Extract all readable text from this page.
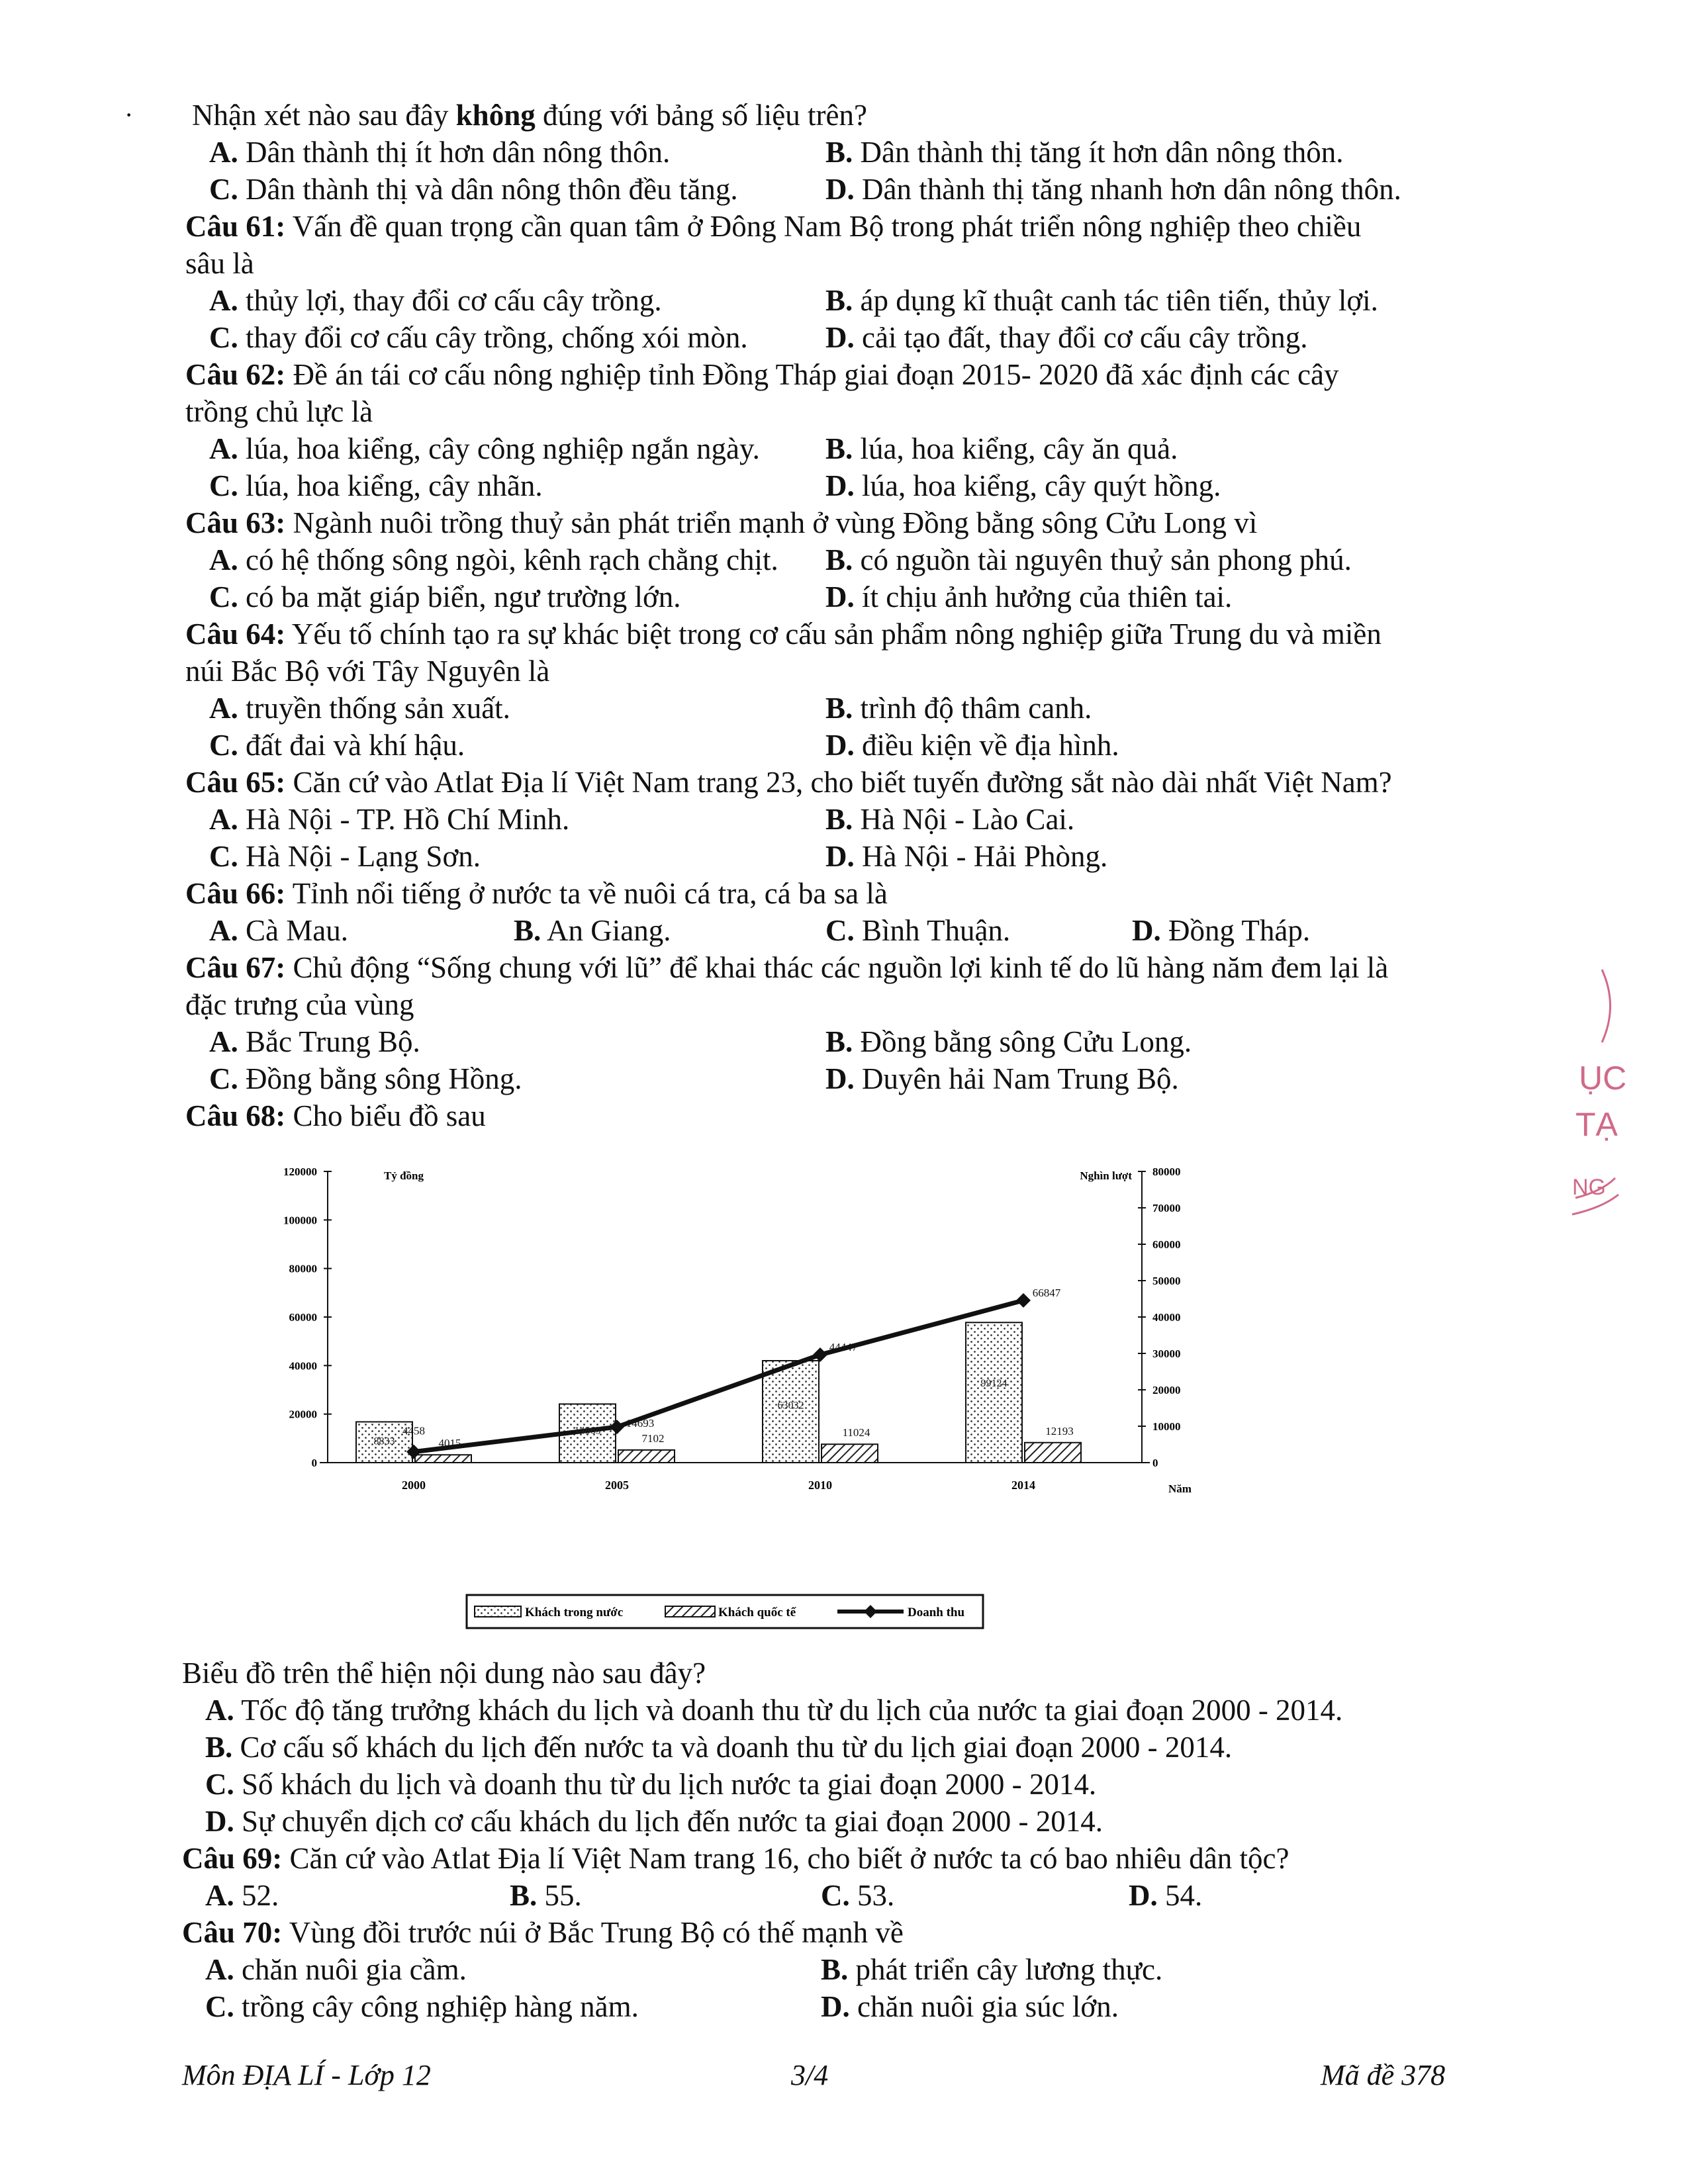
· Nhận xét nào sau đây không đúng với bảng số liệu trên?
A. Dân thành thị ít hơn dân nông thôn.	B. Dân thành thị tăng ít hơn dân nông thôn.
C. Dân thành thị và dân nông thôn đều tăng.	D. Dân thành thị tăng nhanh hơn dân nông thôn.
Câu 61: Vấn đề quan trọng cần quan tâm ở Đông Nam Bộ trong phát triển nông nghiệp theo chiều
sâu là
A. thủy lợi, thay đổi cơ cấu cây trồng.	B. áp dụng kĩ thuật canh tác tiên tiến, thủy lợi.
C. thay đổi cơ cấu cây trồng, chống xói mòn.	D. cải tạo đất, thay đổi cơ cấu cây trồng.
Câu 62: Đề án tái cơ cấu nông nghiệp tỉnh Đồng Tháp giai đoạn 2015- 2020 đã xác định các cây
trồng chủ lực là
A. lúa, hoa kiểng, cây công nghiệp ngắn ngày. B. lúa, hoa kiểng, cây ăn quả.
C. lúa, hoa kiểng, cây nhãn.	D. lúa, hoa kiểng, cây quýt hồng.
Câu 63: Ngành nuôi trồng thuỷ sản phát triển mạnh ở vùng Đồng bằng sông Cửu Long vì
A. có hệ thống sông ngòi, kênh rạch chằng chịt. B. có nguồn tài nguyên thuỷ sản phong phú.
C. có ba mặt giáp biển, ngư trường lớn.	D. ít chịu ảnh hưởng của thiên tai.
Câu 64: Yếu tố chính tạo ra sự khác biệt trong cơ cấu sản phẩm nông nghiệp giữa Trung du và miền
núi Bắc Bộ với Tây Nguyên là
A. truyền thống sản xuất.	B. trình độ thâm canh.
C. đất đai và khí hậu.	D. điều kiện về địa hình.
Câu 65: Căn cứ vào Atlat Địa lí Việt Nam trang 23, cho biết tuyến đường sắt nào dài nhất Việt Nam?
A. Hà Nội - TP. Hồ Chí Minh.	B. Hà Nội - Lào Cai.
C. Hà Nội - Lạng Sơn.	D. Hà Nội - Hải Phòng.
Câu 66: Tỉnh nổi tiếng ở nước ta về nuôi cá tra, cá ba sa là
A. Cà Mau.	B. An Giang.	C. Bình Thuận.	D. Đồng Tháp.
Câu 67: Chủ động “Sống chung với lũ” để khai thác các nguồn lợi kinh tế do lũ hàng năm đem lại là
đặc trưng của vùng
A. Bắc Trung Bộ.	B. Đồng bằng sông Cửu Long.
C. Đồng bằng sông Hồng.	D. Duyên hải Nam Trung Bộ.
Câu 68: Cho biểu đồ sau
0
20000
40000
60000
80000
100000
120000
0
10000
20000
30000
40000
50000
60000
70000
80000
Tỷ đồng	Nghìn lượt
Năm
2000
8833	4015
2005
14865
7102
2010
63032
11024
2014
99124
12193
4458
14693
44447
66847
Khách trong nước	Khách quốc tế	Doanh thu
Biểu đồ trên thể hiện nội dung nào sau đây?
A. Tốc độ tăng trưởng khách du lịch và doanh thu từ du lịch của nước ta giai đoạn 2000 - 2014.
B. Cơ cấu số khách du lịch đến nước ta và doanh thu từ du lịch giai đoạn 2000 - 2014.
C. Số khách du lịch và doanh thu từ du lịch nước ta giai đoạn 2000 - 2014.
D. Sự chuyển dịch cơ cấu khách du lịch đến nước ta giai đoạn 2000 - 2014.
Câu 69: Căn cứ vào Atlat Địa lí Việt Nam trang 16, cho biết ở nước ta có bao nhiêu dân tộc?
A. 52.	B. 55.	C. 53.	D. 54.
Câu 70: Vùng đồi trước núi ở Bắc Trung Bộ có thế mạnh về
A. chăn nuôi gia cầm.	B. phát triển cây lương thực.
C. trồng cây công nghiệp hàng năm.	D. chăn nuôi gia súc lớn.
Môn ĐỊA LÍ - Lớp 12	3/4	Mã đề 378
ỤC
TẠ
NG
